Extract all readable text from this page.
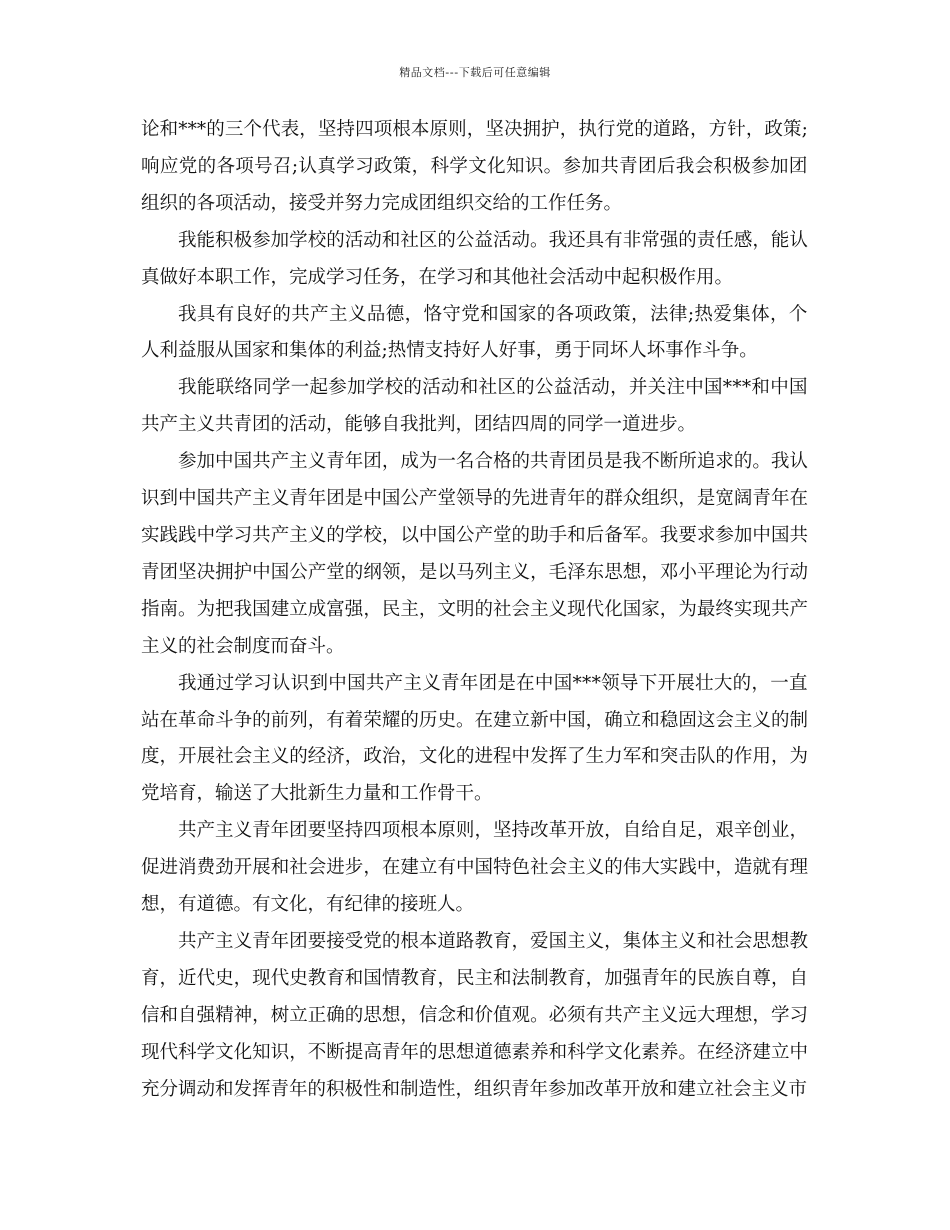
精品文档---下载后可任意编辑

论和***的三个代表，坚持四项根本原则，坚决拥护，执行党的道路，方针，政策;
响应党的各项号召;认真学习政策，科学文化知识。参加共青团后我会积极参加团
组织的各项活动，接受并努力完成团组织交给的工作任务。

我能积极参加学校的活动和社区的公益活动。我还具有非常强的责任感，能认
真做好本职工作，完成学习任务，在学习和其他社会活动中起积极作用。

我具有良好的共产主义品德，恪守党和国家的各项政策，法律;热爱集体，个
人利益服从国家和集体的利益;热情支持好人好事，勇于同坏人坏事作斗争。

我能联络同学一起参加学校的活动和社区的公益活动，并关注中国***和中国
共产主义共青团的活动，能够自我批判，团结四周的同学一道进步。

参加中国共产主义青年团，成为一名合格的共青团员是我不断所追求的。我认
识到中国共产主义青年团是中国公产堂领导的先进青年的群众组织，是宽阔青年在
实践践中学习共产主义的学校，以中国公产堂的助手和后备军。我要求参加中国共
青团坚决拥护中国公产堂的纲领，是以马列主义，毛泽东思想，邓小平理论为行动
指南。为把我国建立成富强，民主，文明的社会主义现代化国家，为最终实现共产
主义的社会制度而奋斗。

我通过学习认识到中国共产主义青年团是在中国***领导下开展壮大的，一直
站在革命斗争的前列，有着荣耀的历史。在建立新中国，确立和稳固这会主义的制
度，开展社会主义的经济，政治，文化的进程中发挥了生力军和突击队的作用，为
党培育，输送了大批新生力量和工作骨干。

共产主义青年团要坚持四项根本原则，坚持改革开放，自给自足，艰辛创业，
促进消费劲开展和社会进步，在建立有中国特色社会主义的伟大实践中，造就有理
想，有道德。有文化，有纪律的接班人。

共产主义青年团要接受党的根本道路教育，爱国主义，集体主义和社会思想教
育，近代史，现代史教育和国情教育，民主和法制教育，加强青年的民族自尊，自
信和自强精神，树立正确的思想，信念和价值观。必须有共产主义远大理想，学习
现代科学文化知识，不断提高青年的思想道德素养和科学文化素养。在经济建立中
充分调动和发挥青年的积极性和制造性，组织青年参加改革开放和建立社会主义市
